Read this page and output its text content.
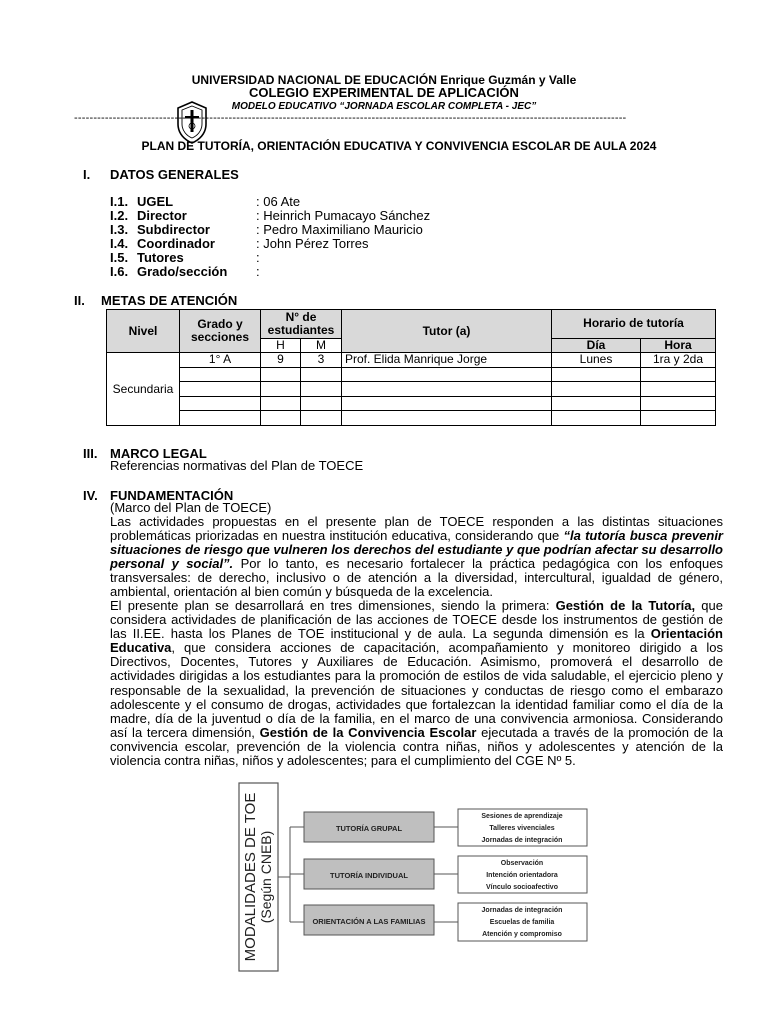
UNIVERSIDAD NACIONAL DE EDUCACIÓN Enrique Guzmán y Valle
COLEGIO EXPERIMENTAL DE APLICACIÓN
MODELO EDUCATIVO “JORNADA ESCOLAR COMPLETA - JEC”
-----------------------------------------------------------------------------------------------------------------------------------------------
PLAN DE TUTORÍA, ORIENTACIÓN EDUCATIVA Y CONVIVENCIA ESCOLAR DE AULA 2024
I. DATOS GENERALES
I.1. UGEL	: 06 Ate
I.2. Director	: Heinrich Pumacayo Sánchez
I.3. Subdirector	: Pedro Maximiliano Mauricio
I.4. Coordinador	: John Pérez Torres
I.5. Tutores	:
I.6. Grado/sección :
II. METAS DE ATENCIÓN
Nivel	Grado y secciones	N° de estudiantes		Tutor (a)	Horario de tutoría	
		H	M		Día	Hora
Secundaria	1° A	9	3	Prof. Elida Manrique Jorge	Lunes	1ra y 2da

III. MARCO LEGAL
Referencias normativas del Plan de TOECE
IV. FUNDAMENTACIÓN
(Marco del Plan de TOECE)
Las actividades propuestas en el presente plan de TOECE responden a las distintas situaciones problemáticas priorizadas en nuestra institución educativa, considerando que “la tutoría busca prevenir situaciones de riesgo que vulneren los derechos del estudiante y que podrían afectar su desarrollo personal y social”. Por lo tanto, es necesario fortalecer la práctica pedagógica con los enfoques transversales: de derecho, inclusivo o de atención a la diversidad, intercultural, igualdad de género, ambiental, orientación al bien común y búsqueda de la excelencia.
El presente plan se desarrollará en tres dimensiones, siendo la primera: Gestión de la Tutoría, que considera actividades de planificación de las acciones de TOECE desde los instrumentos de gestión de las II.EE. hasta los Planes de TOE institucional y de aula. La segunda dimensión es la Orientación Educativa, que considera acciones de capacitación, acompañamiento y monitoreo dirigido a los Directivos, Docentes, Tutores y Auxiliares de Educación. Asimismo, promoverá el desarrollo de actividades dirigidas a los estudiantes para la promoción de estilos de vida saludable, el ejercicio pleno y responsable de la sexualidad, la prevención de situaciones y conductas de riesgo como el embarazo adolescente y el consumo de drogas, actividades que fortalezcan la identidad familiar como el día de la madre, día de la juventud o día de la familia, en el marco de una convivencia armoniosa. Considerando así la tercera dimensión, Gestión de la Convivencia Escolar ejecutada a través de la promoción de la convivencia escolar, prevención de la violencia contra niñas, niños y adolescentes y atención de la violencia contra niñas, niños y adolescentes; para el cumplimiento del CGE Nº 5.
MODALIDADES DE TOE (Según CNEB)
TUTORÍA GRUPAL
TUTORÍA INDIVIDUAL
ORIENTACIÓN A LAS FAMILIAS
Sesiones de aprendizaje
Talleres vivenciales
Jornadas de integración
Observación
Intención orientadora
Vínculo socioafectivo
Jornadas de integración
Escuelas de familia
Atención y compromiso
